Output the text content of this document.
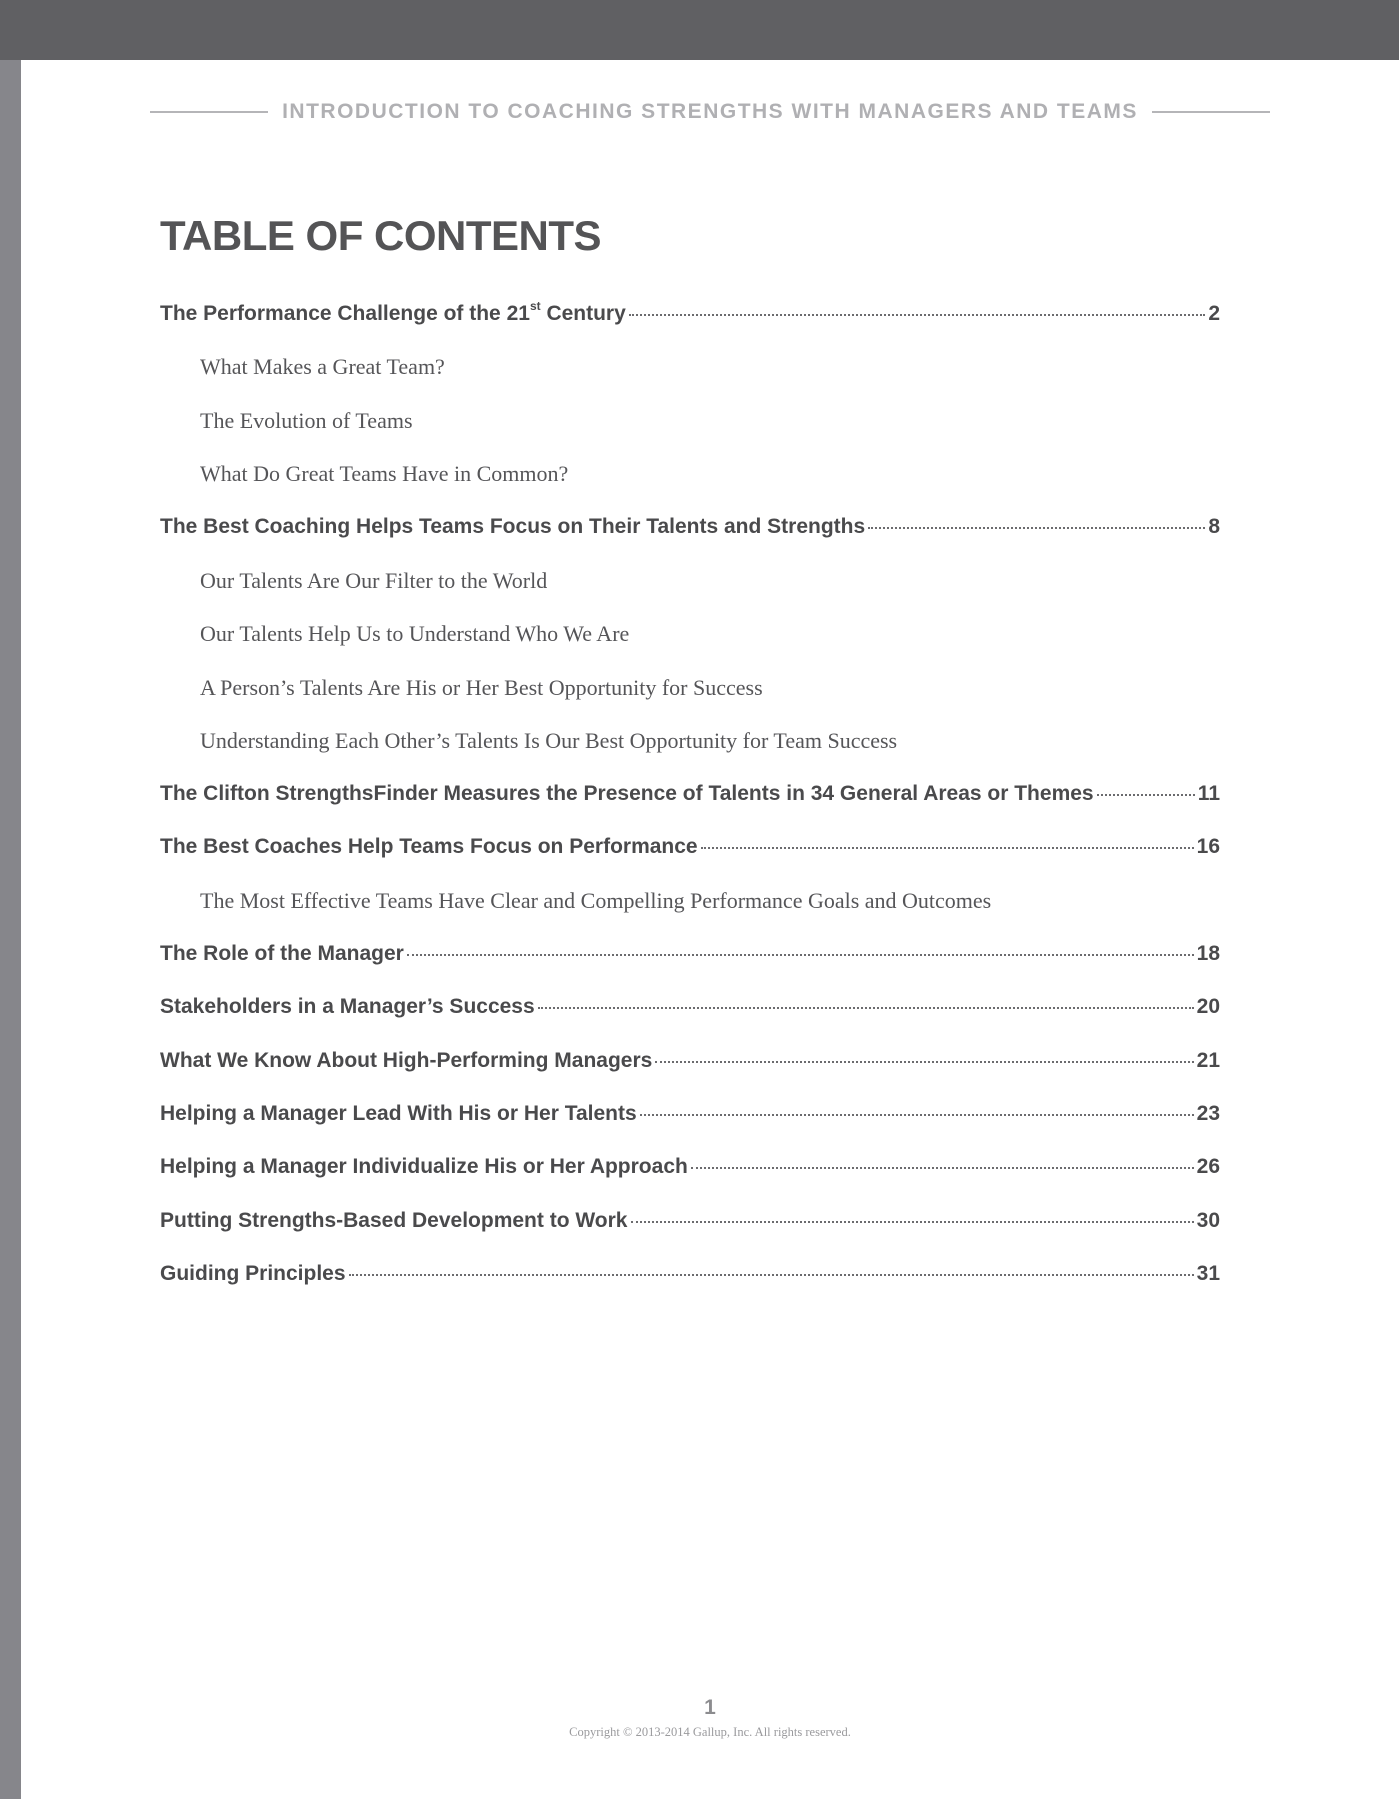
INTRODUCTION TO COACHING STRENGTHS WITH MANAGERS AND TEAMS
TABLE OF CONTENTS
The Performance Challenge of the 21st Century	2
What Makes a Great Team?
The Evolution of Teams
What Do Great Teams Have in Common?
The Best Coaching Helps Teams Focus on Their Talents and Strengths	8
Our Talents Are Our Filter to the World
Our Talents Help Us to Understand Who We Are
A Person’s Talents Are His or Her Best Opportunity for Success
Understanding Each Other’s Talents Is Our Best Opportunity for Team Success
The Clifton StrengthsFinder Measures the Presence of Talents in 34 General Areas or Themes	11
The Best Coaches Help Teams Focus on Performance	16
The Most Effective Teams Have Clear and Compelling Performance Goals and Outcomes
The Role of the Manager	18
Stakeholders in a Manager’s Success	20
What We Know About High-Performing Managers	21
Helping a Manager Lead With His or Her Talents	23
Helping a Manager Individualize His or Her Approach	26
Putting Strengths-Based Development to Work	30
Guiding Principles	31
1
Copyright © 2013-2014 Gallup, Inc. All rights reserved.
